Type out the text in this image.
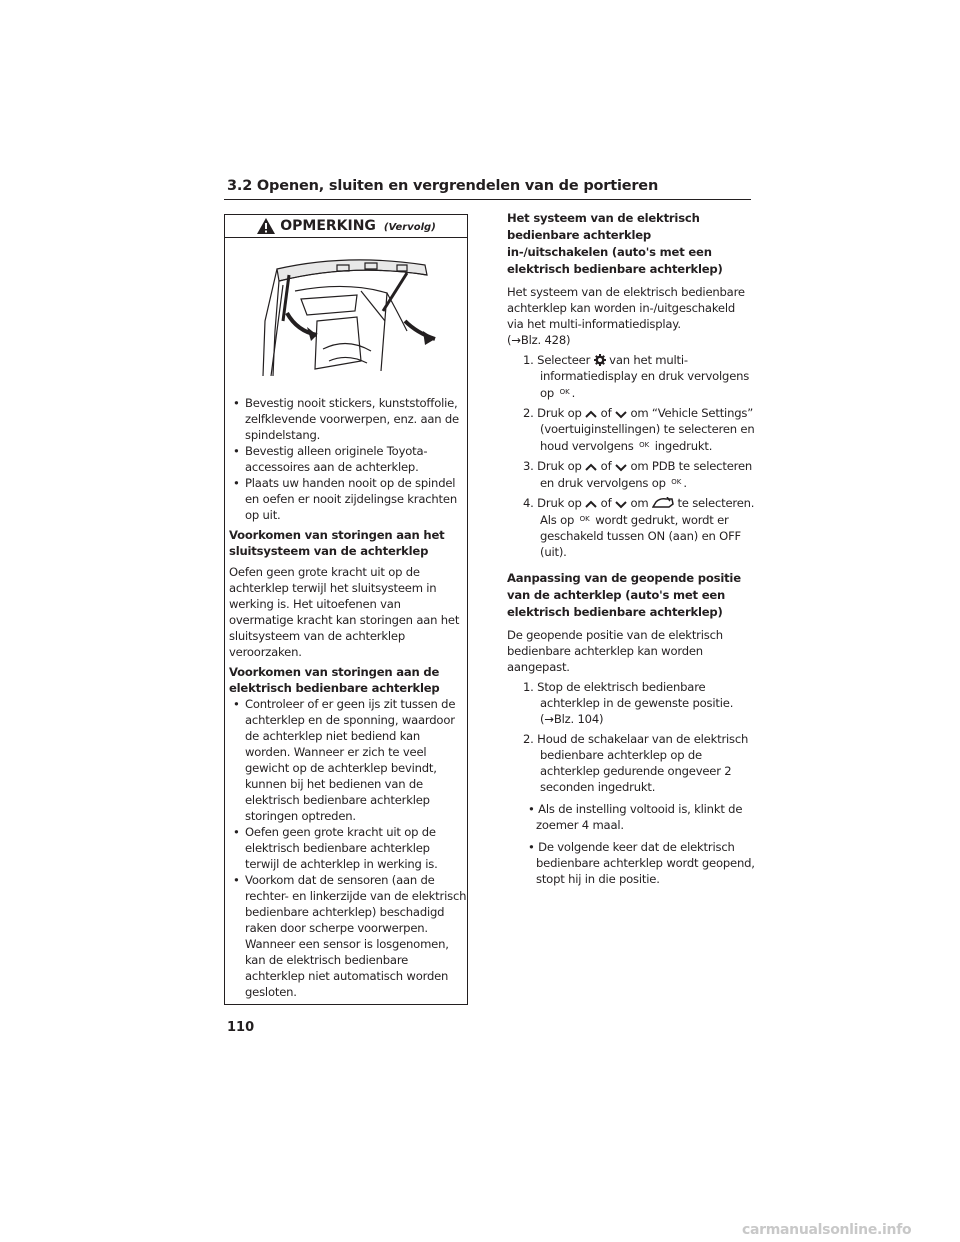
3.2 Openen, sluiten en vergrendelen van de portieren
OPMERKING (Vervolg)

• Bevestig nooit stickers, kunststoffolie, zelfklevende voorwerpen, enz. aan de spindelstang.

• Bevestig alleen originele Toyota-accessoires aan de achterklep.

• Plaats uw handen nooit op de spindel en oefen er nooit zijdelingse krachten op uit.

Voorkomen van storingen aan het sluitsysteem van de achterklep
Oefen geen grote kracht uit op de achterklep terwijl het sluitsysteem in werking is. Het uitoefenen van overmatige kracht kan storingen aan het sluitsysteem van de achterklep veroorzaken.
Voorkomen van storingen aan de elektrisch bedienbare achterklep

• Controleer of er geen ijs zit tussen de achterklep en de sponning, waardoor de achterklep niet bediend kan worden. Wanneer er zich te veel gewicht op de achterklep bevindt, kunnen bij het bedienen van de elektrisch bedienbare achterklep storingen optreden.

• Oefen geen grote kracht uit op de elektrisch bedienbare achterklep terwijl de achterklep in werking is.

• Voorkom dat de sensoren (aan de rechter- en linkerzijde van de elektrisch bedienbare achterklep) beschadigd raken door scherpe voorwerpen. Wanneer een sensor is losgenomen, kan de elektrisch bedienbare achterklep niet automatisch worden gesloten.

Het systeem van de elektrisch bedienbare achterklep in-/uitschakelen (auto's met een elektrisch bedienbare achterklep)
Het systeem van de elektrisch bedienbare achterklep kan worden in-/uitgeschakeld via het multi-informatiedisplay.
(→Blz. 428)
1. Selecteer van het multi-informatiedisplay en druk vervolgens op $^{OK}$ .
2. Druk op of om “Vehicle Settings” (voertuiginstellingen) te selecteren en houd vervolgens $^{OK}$ ingedrukt.
3. Druk op of om PDB te selecteren en druk vervolgens op $^{OK}$ .
4. Druk op of om	te selecteren. Als op $^{OK}$ wordt gedrukt, wordt er geschakeld tussen ON (aan) en OFF (uit).
Aanpassing van de geopende positie van de achterklep (auto's met een elektrisch bedienbare achterklep)
De geopende positie van de elektrisch bedienbare achterklep kan worden aangepast.
1. Stop de elektrisch bedienbare achterklep in de gewenste positie.
(→Blz. 104)
2. Houd de schakelaar van de elektrisch bedienbare achterklep op de achterklep gedurende ongeveer 2 seconden ingedrukt.
• Als de instelling voltooid is, klinkt de zoemer 4 maal.
• De volgende keer dat de elektrisch bedienbare achterklep wordt geopend, stopt hij in die positie.
110
carmanualsonline.info
